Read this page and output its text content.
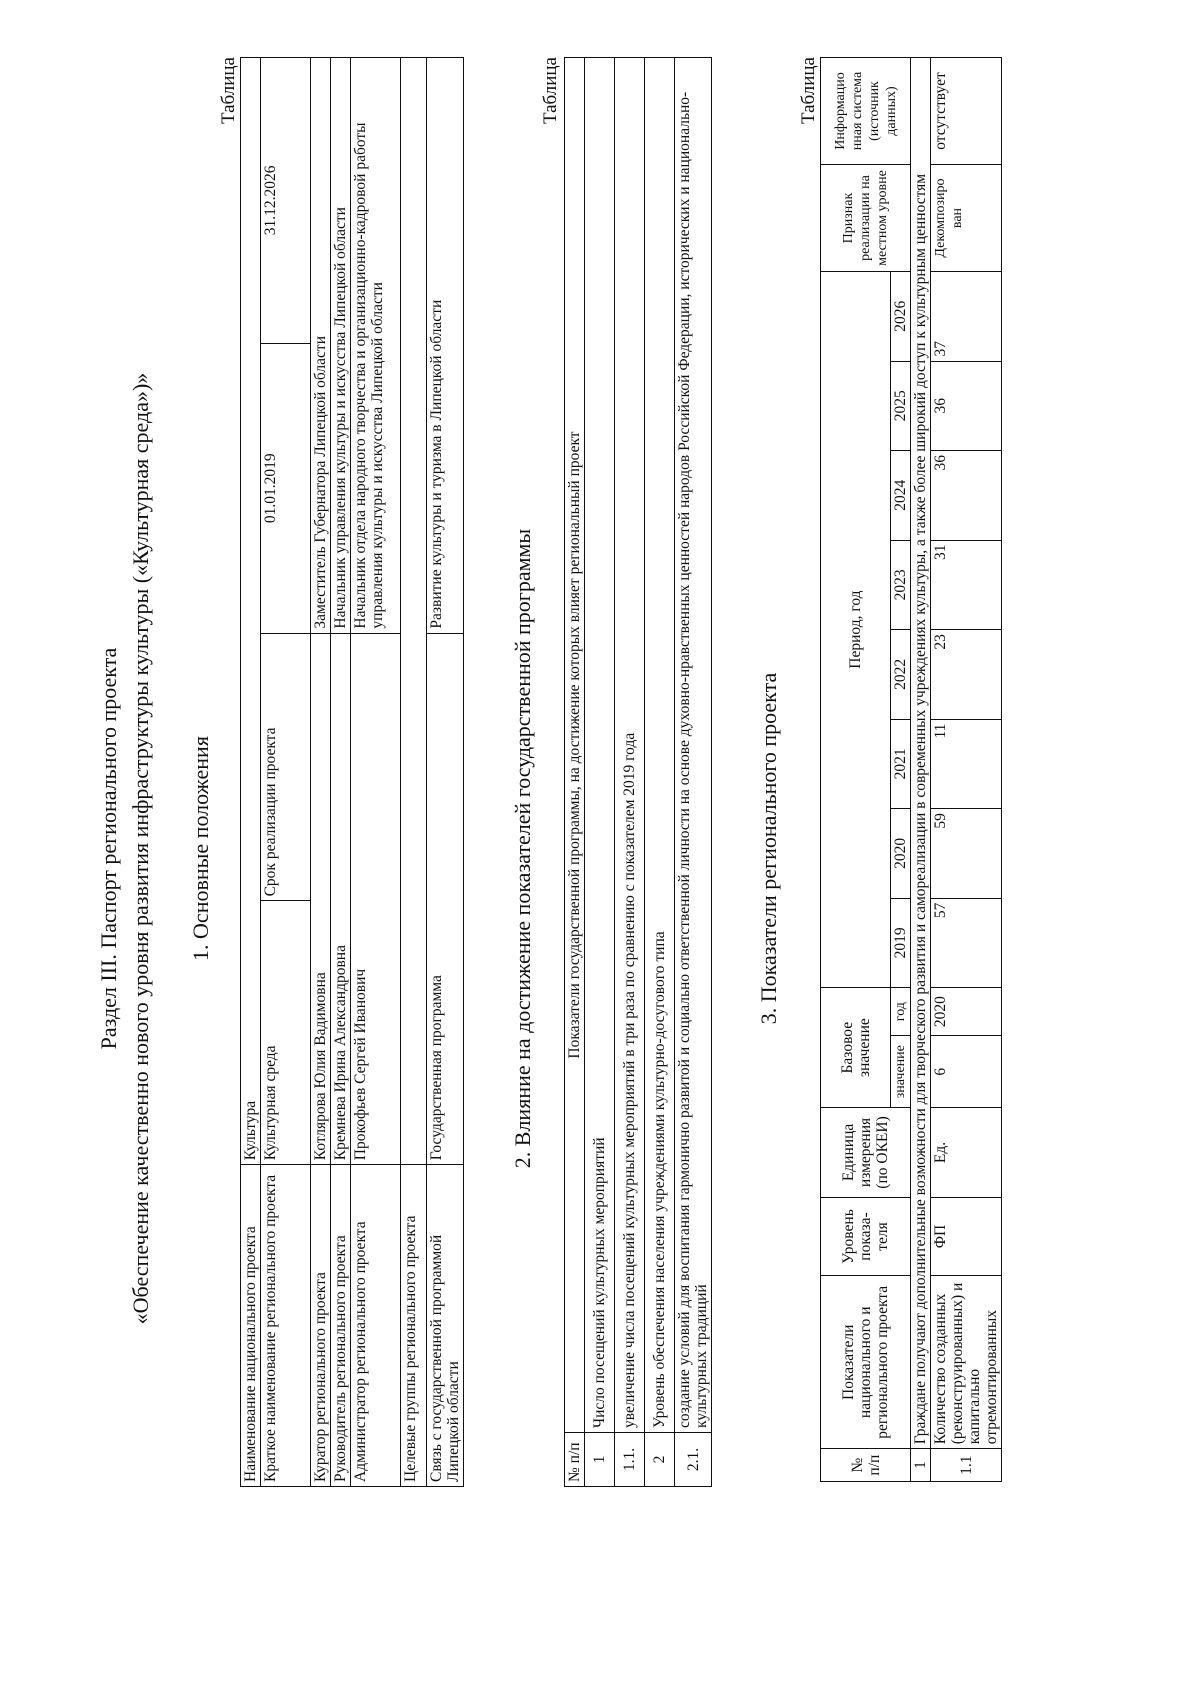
Раздел III. Паспорт регионального проекта «Обеспечение качественно нового уровня развития инфраструктуры культуры («Культурная среда»)» 1. Основные положения
Таблица
Наименование национального проекта	Культура			
Краткое наименование регионального проекта	Культурная среда	Срок реализации проекта	01.01.2019	31.12.2026
Куратор регионального проекта	Котлярова Юлия Вадимовна		Заместитель Губернатора Липецкой области	
Руководитель регионального проекта	Кремнева Ирина Александровна		Начальник управления культуры и искусства Липецкой области	
Администратор регионального проекта	Прокофьев Сергей Иванович		Начальник отдела народного творчества и организационно-кадровой работы управления культуры и искусства Липецкой области	
Целевые группы регионального проекта				
Связь с государственной программой Липецкой области	Государственная программа		Развитие культуры и туризма в Липецкой области	
2. Влияние на достижение показателей государственной программы
Таблица
№ п/п	Показатели государственной программы, на достижение которых влияет региональный проект
1	Число посещений культурных мероприятий
1.1.	увеличение числа посещений культурных мероприятий в три раза по сравнению с показателем 2019 года
2	Уровень обеспечения населения учреждениями культурно-досугового типа
2.1.	создание условий для воспитания гармонично развитой и социально ответственной личности на основе духовно-нравственных ценностей народов Российской Федерации, исторических и национально-культурных традиций
3. Показатели регионального проекта
Таблица
№ п/п	Показатели национального и регионального проекта	Уровень показа-теля	Единица измерения (по ОКЕИ)	Базовое значение		Период, год								Признак реализации на местном уровне	Информацио нная система (источник данных)
				значение	год	2019	2020	2021	2022	2023	2024	2025	2026		
1	Граждане получают дополнительные возможности для творческого развития и самореализации в современных учреждениях культуры, а также более широкий доступ к культурным ценностям														
1.1	Количество созданных (реконструированных) и капитально отремонтированных	ФП	Ед.	6	2020	57	59	11	23	31	36	36	37	Декомпозиро ван	отсутствует
